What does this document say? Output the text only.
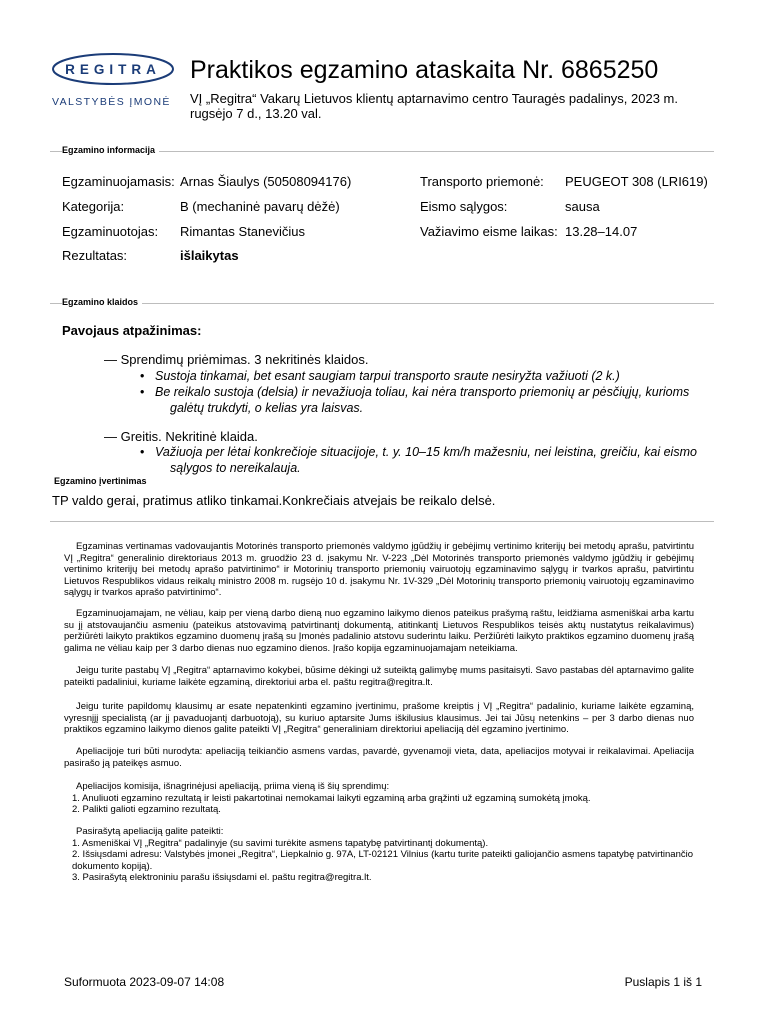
REGITRA
VALSTYBĖS ĮMONĖ
Praktikos egzamino ataskaita Nr. 6865250
VĮ „Regitra“ Vakarų Lietuvos klientų aptarnavimo centro Tauragės padalinys, 2023 m. rugsėjo 7 d., 13.20 val.
Egzamino informacija
Egzaminuojamasis: Arnas Šiaulys (50508094176)	Transporto priemonė: PEUGEOT 308 (LRI619)
Kategorija:	B (mechaninė pavarų dėžė)	Eismo sąlygos:	sausa
Egzaminuotojas: Rimantas Stanevičius	Važiavimo eisme laikas: 13.28–14.07
Rezultatas:	išlaikytas
Egzamino klaidos
Pavojaus atpažinimas:
— Sprendimų priėmimas. 3 nekritinės klaidos.
• Sustoja tinkamai, bet esant saugiam tarpui transporto sraute nesiryžta važiuoti (2 k.)
• Be reikalo sustoja (delsia) ir nevažiuoja toliau, kai nėra transporto priemonių ar pėsčiųjų, kurioms galėtų trukdyti, o kelias yra laisvas.
— Greitis. Nekritinė klaida.
• Važiuoja per lėtai konkrečioje situacijoje, t. y. 10–15 km/h mažesniu, nei leistina, greičiu, kai eismo sąlygos to nereikalauja.
Egzamino įvertinimas
TP valdo gerai, pratimus atliko tinkamai.Konkrečiais atvejais be reikalo delsė.

Egzaminas vertinamas vadovaujantis Motorinės transporto priemonės valdymo įgūdžių ir gebėjimų vertinimo kriterijų bei metodų aprašu, patvirtintu VĮ „Regitra“ generalinio direktoriaus 2013 m. gruodžio 23 d. įsakymu Nr. V-223 „Dėl Motorinės transporto priemonės valdymo įgūdžių ir gebėjimų vertinimo kriterijų bei metodų aprašo patvirtinimo“ ir Motorinių transporto priemonių vairuotojų egzaminavimo sąlygų ir tvarkos aprašu, patvirtintu Lietuvos Respublikos vidaus reikalų ministro 2008 m. rugsėjo 10 d. įsakymu Nr. 1V-329 „Dėl Motorinių transporto priemonių vairuotojų egzaminavimo sąlygų ir tvarkos aprašo patvirtinimo“.

Egzaminuojamajam, ne vėliau, kaip per vieną darbo dieną nuo egzamino laikymo dienos pateikus prašymą raštu, leidžiama asmeniškai arba kartu su jį atstovaujančiu asmeniu (pateikus atstovavimą patvirtinantį dokumentą, atitinkantį Lietuvos Respublikos teisės aktų nustatytus reikalavimus) peržiūrėti laikyto praktikos egzamino duomenų įrašą su Įmonės padalinio atstovu suderintu laiku. Peržiūrėti laikyto praktikos egzamino duomenų įrašą galima ne vėliau kaip per 3 darbo dienas nuo egzamino dienos. Įrašo kopija egzaminuojamajam neteikiama.

Jeigu turite pastabų VĮ „Regitra“ aptarnavimo kokybei, būsime dėkingi už suteiktą galimybę mums pasitaisyti. Savo pastabas dėl aptarnavimo galite pateikti padaliniui, kuriame laikėte egzaminą, direktoriui arba el. paštu regitra@regitra.lt.

Jeigu turite papildomų klausimų ar esate nepatenkinti egzamino įvertinimu, prašome kreiptis į VĮ „Regitra“ padalinio, kuriame laikėte egzaminą, vyresnįjį specialistą (ar jį pavaduojantį darbuotoją), su kuriuo aptarsite Jums iškilusius klausimus. Jei tai Jūsų netenkins – per 3 darbo dienas nuo praktikos egzamino laikymo dienos galite pateikti VĮ „Regitra“ generaliniam direktoriui apeliaciją dėl egzamino įvertinimo.

Apeliacijoje turi būti nurodyta: apeliaciją teikiančio asmens vardas, pavardė, gyvenamoji vieta, data, apeliacijos motyvai ir reikalavimai. Apeliacija pasirašo ją pateikęs asmuo.

Apeliacijos komisija, išnagrinėjusi apeliaciją, priima vieną iš šių sprendimų:

1. Anuliuoti egzamino rezultatą ir leisti pakartotinai nemokamai laikyti egzaminą arba grąžinti už egzaminą sumokėtą įmoką.
2. Palikti galioti egzamino rezultatą.

Pasirašytą apeliaciją galite pateikti:

1. Asmeniškai VĮ „Regitra“ padalinyje (su savimi turėkite asmens tapatybę patvirtinantį dokumentą).
2. Išsiųsdami adresu: Valstybės įmonei „Regitra“, Liepkalnio g. 97A, LT-02121 Vilnius (kartu turite pateikti galiojančio asmens tapatybę patvirtinančio dokumento kopiją).
3. Pasirašytą elektroniniu parašu išsiųsdami el. paštu regitra@regitra.lt.
Suformuota 2023-09-07 14:08	Puslapis 1 iš 1
